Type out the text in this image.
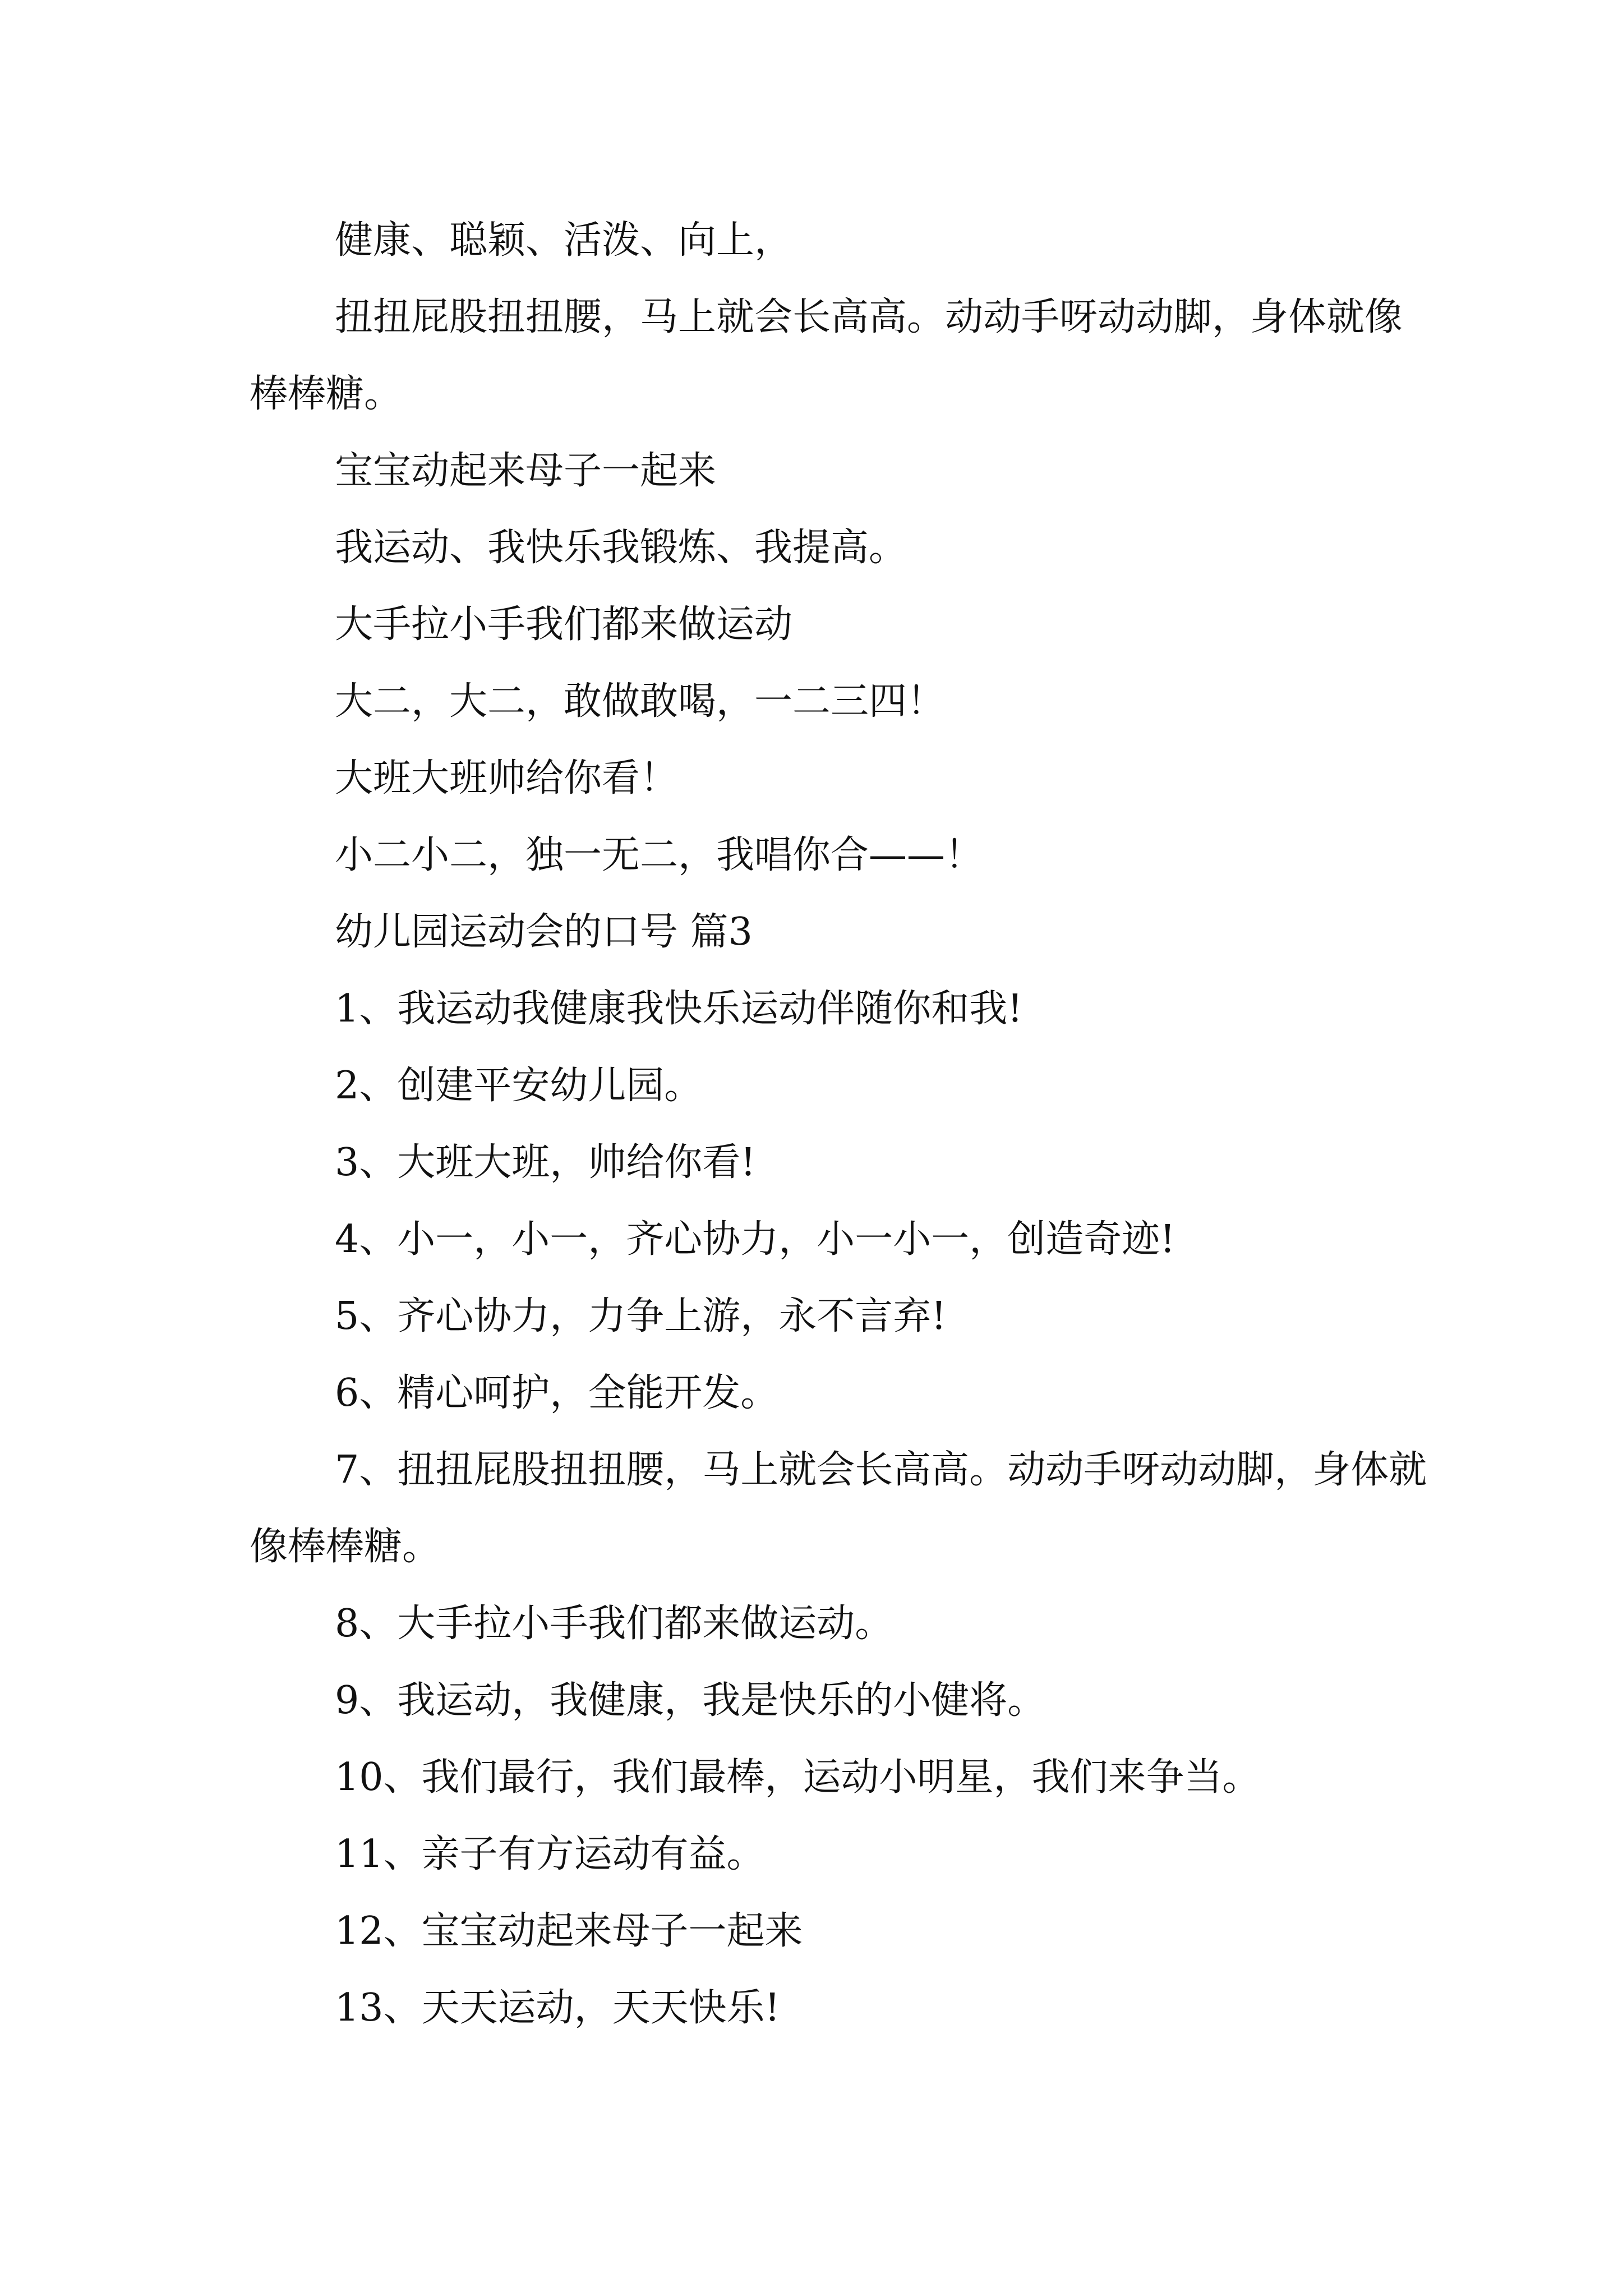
健康、聪颖、活泼、向上，

扭扭屁股扭扭腰，马上就会长高高。动动手呀动动脚，身体就像棒棒糖。

宝宝动起来母子一起来

我运动、我快乐我锻炼、我提高。

大手拉小手我们都来做运动

大二，大二，敢做敢喝，一二三四！

大班大班帅给你看！

小二小二，独一无二，我唱你合——！

幼儿园运动会的口号 篇3

1、我运动我健康我快乐运动伴随你和我!

2、创建平安幼儿园。

3、大班大班，帅给你看!

4、小一，小一，齐心协力，小一小一，创造奇迹!

5、齐心协力，力争上游，永不言弃!

6、精心呵护，全能开发。

7、扭扭屁股扭扭腰，马上就会长高高。动动手呀动动脚，身体就像棒棒糖。

8、大手拉小手我们都来做运动。

9、我运动，我健康，我是快乐的小健将。

10、我们最行，我们最棒，运动小明星，我们来争当。

11、亲子有方运动有益。

12、宝宝动起来母子一起来

13、天天运动，天天快乐!
